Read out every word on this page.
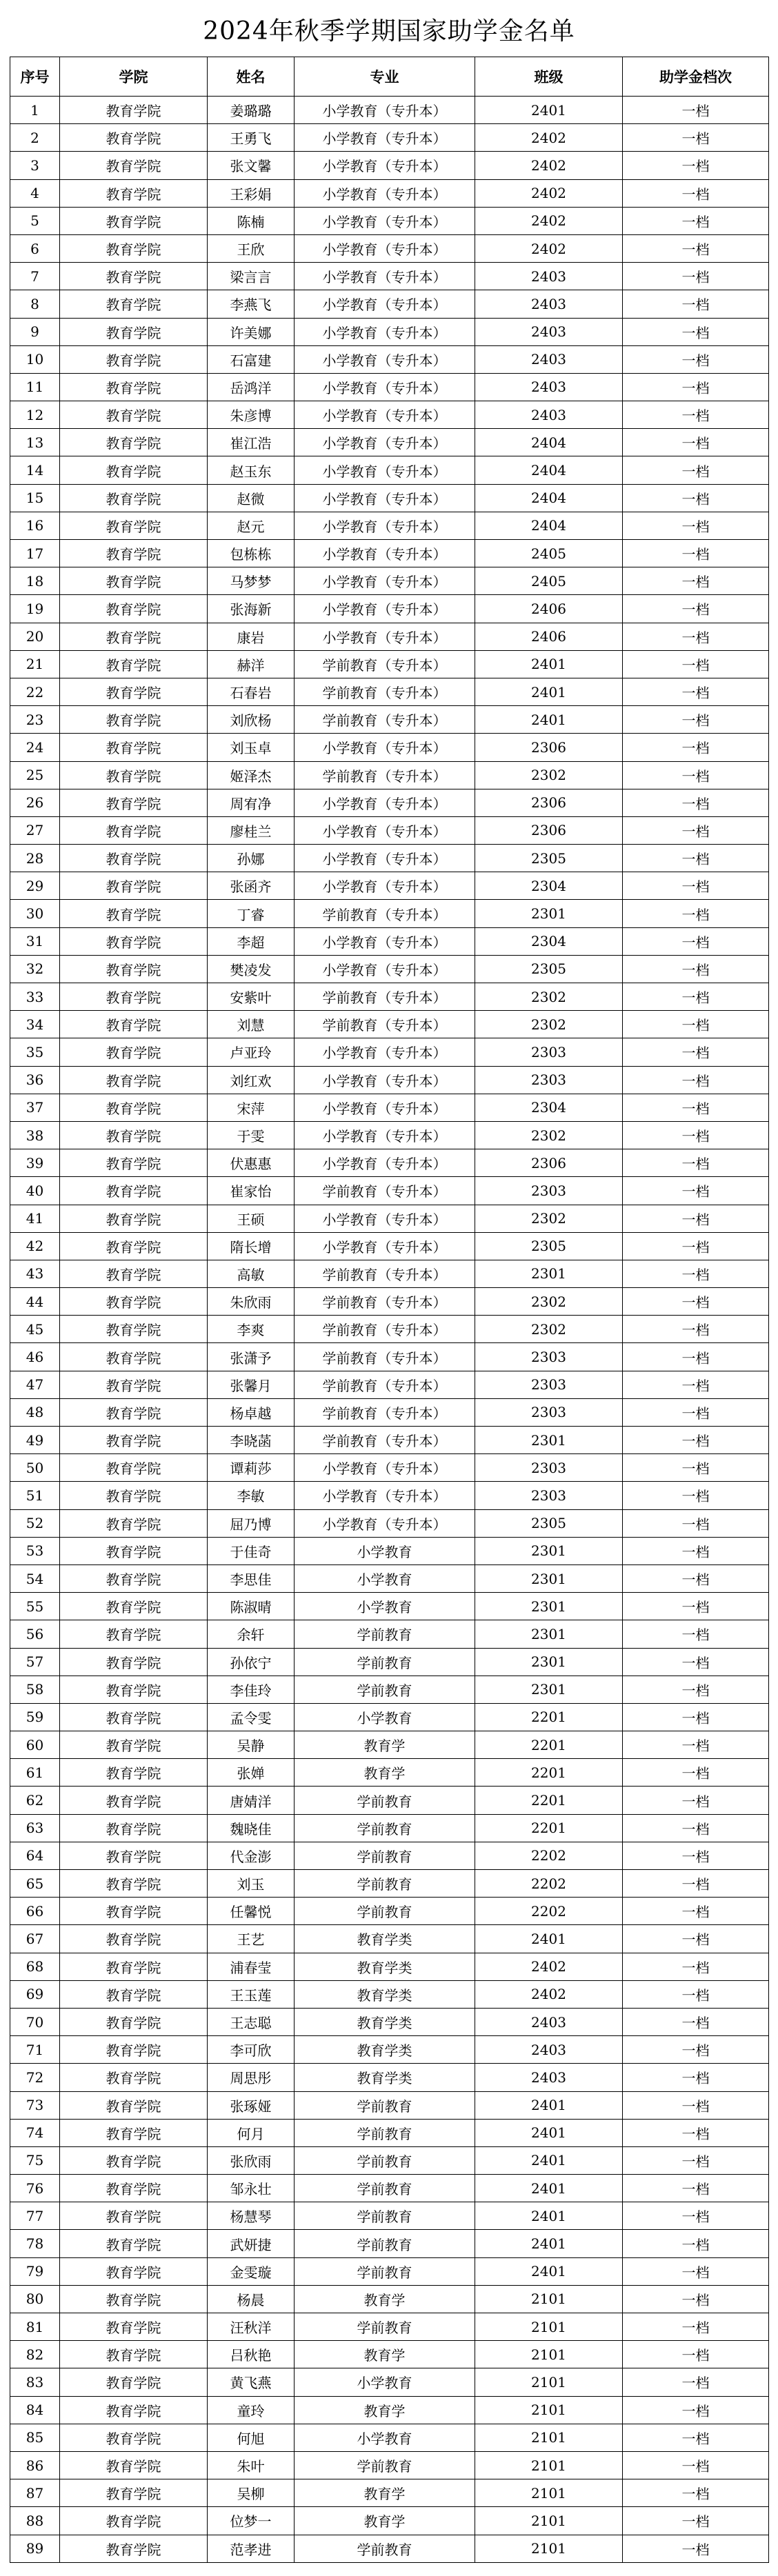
2024年秋季学期国家助学金名单
序号	学院	姓名	专业	班级	助学金档次
1	教育学院	姜璐璐	小学教育（专升本）	2401	一档
2	教育学院	王勇飞	小学教育（专升本）	2402	一档
3	教育学院	张文馨	小学教育（专升本）	2402	一档
4	教育学院	王彩娟	小学教育（专升本）	2402	一档
5	教育学院	陈楠	小学教育（专升本）	2402	一档
6	教育学院	王欣	小学教育（专升本）	2402	一档
7	教育学院	梁言言	小学教育（专升本）	2403	一档
8	教育学院	李燕飞	小学教育（专升本）	2403	一档
9	教育学院	许美娜	小学教育（专升本）	2403	一档
10	教育学院	石富建	小学教育（专升本）	2403	一档
11	教育学院	岳鸿洋	小学教育（专升本）	2403	一档
12	教育学院	朱彦博	小学教育（专升本）	2403	一档
13	教育学院	崔江浩	小学教育（专升本）	2404	一档
14	教育学院	赵玉东	小学教育（专升本）	2404	一档
15	教育学院	赵微	小学教育（专升本）	2404	一档
16	教育学院	赵元	小学教育（专升本）	2404	一档
17	教育学院	包栋栋	小学教育（专升本）	2405	一档
18	教育学院	马梦梦	小学教育（专升本）	2405	一档
19	教育学院	张海新	小学教育（专升本）	2406	一档
20	教育学院	康岩	小学教育（专升本）	2406	一档
21	教育学院	赫洋	学前教育（专升本）	2401	一档
22	教育学院	石春岩	学前教育（专升本）	2401	一档
23	教育学院	刘欣杨	学前教育（专升本）	2401	一档
24	教育学院	刘玉卓	小学教育（专升本）	2306	一档
25	教育学院	姬泽杰	学前教育（专升本）	2302	一档
26	教育学院	周宥净	小学教育（专升本）	2306	一档
27	教育学院	廖桂兰	小学教育（专升本）	2306	一档
28	教育学院	孙娜	小学教育（专升本）	2305	一档
29	教育学院	张函齐	小学教育（专升本）	2304	一档
30	教育学院	丁睿	学前教育（专升本）	2301	一档
31	教育学院	李超	小学教育（专升本）	2304	一档
32	教育学院	樊凌发	小学教育（专升本）	2305	一档
33	教育学院	安紫叶	学前教育（专升本）	2302	一档
34	教育学院	刘慧	学前教育（专升本）	2302	一档
35	教育学院	卢亚玲	小学教育（专升本）	2303	一档
36	教育学院	刘红欢	小学教育（专升本）	2303	一档
37	教育学院	宋萍	小学教育（专升本）	2304	一档
38	教育学院	于雯	小学教育（专升本）	2302	一档
39	教育学院	伏惠惠	小学教育（专升本）	2306	一档
40	教育学院	崔家怡	学前教育（专升本）	2303	一档
41	教育学院	王硕	小学教育（专升本）	2302	一档
42	教育学院	隋长增	小学教育（专升本）	2305	一档
43	教育学院	高敏	学前教育（专升本）	2301	一档
44	教育学院	朱欣雨	学前教育（专升本）	2302	一档
45	教育学院	李爽	学前教育（专升本）	2302	一档
46	教育学院	张潇予	学前教育（专升本）	2303	一档
47	教育学院	张馨月	学前教育（专升本）	2303	一档
48	教育学院	杨卓越	学前教育（专升本）	2303	一档
49	教育学院	李晓菡	学前教育（专升本）	2301	一档
50	教育学院	谭莉莎	小学教育（专升本）	2303	一档
51	教育学院	李敏	小学教育（专升本）	2303	一档
52	教育学院	屈乃博	小学教育（专升本）	2305	一档
53	教育学院	于佳奇	小学教育	2301	一档
54	教育学院	李思佳	小学教育	2301	一档
55	教育学院	陈淑晴	小学教育	2301	一档
56	教育学院	余轩	学前教育	2301	一档
57	教育学院	孙依宁	学前教育	2301	一档
58	教育学院	李佳玲	学前教育	2301	一档
59	教育学院	孟令雯	小学教育	2201	一档
60	教育学院	吴静	教育学	2201	一档
61	教育学院	张婵	教育学	2201	一档
62	教育学院	唐婧洋	学前教育	2201	一档
63	教育学院	魏晓佳	学前教育	2201	一档
64	教育学院	代金澎	学前教育	2202	一档
65	教育学院	刘玉	学前教育	2202	一档
66	教育学院	任馨悦	学前教育	2202	一档
67	教育学院	王艺	教育学类	2401	一档
68	教育学院	浦春莹	教育学类	2402	一档
69	教育学院	王玉莲	教育学类	2402	一档
70	教育学院	王志聪	教育学类	2403	一档
71	教育学院	李可欣	教育学类	2403	一档
72	教育学院	周思彤	教育学类	2403	一档
73	教育学院	张琢娅	学前教育	2401	一档
74	教育学院	何月	学前教育	2401	一档
75	教育学院	张欣雨	学前教育	2401	一档
76	教育学院	邹永壮	学前教育	2401	一档
77	教育学院	杨慧琴	学前教育	2401	一档
78	教育学院	武妍捷	学前教育	2401	一档
79	教育学院	金雯璇	学前教育	2401	一档
80	教育学院	杨晨	教育学	2101	一档
81	教育学院	汪秋洋	学前教育	2101	一档
82	教育学院	吕秋艳	教育学	2101	一档
83	教育学院	黄飞燕	小学教育	2101	一档
84	教育学院	童玲	教育学	2101	一档
85	教育学院	何旭	小学教育	2101	一档
86	教育学院	朱叶	学前教育	2101	一档
87	教育学院	吴柳	教育学	2101	一档
88	教育学院	位梦一	教育学	2101	一档
89	教育学院	范孝进	学前教育	2101	一档
